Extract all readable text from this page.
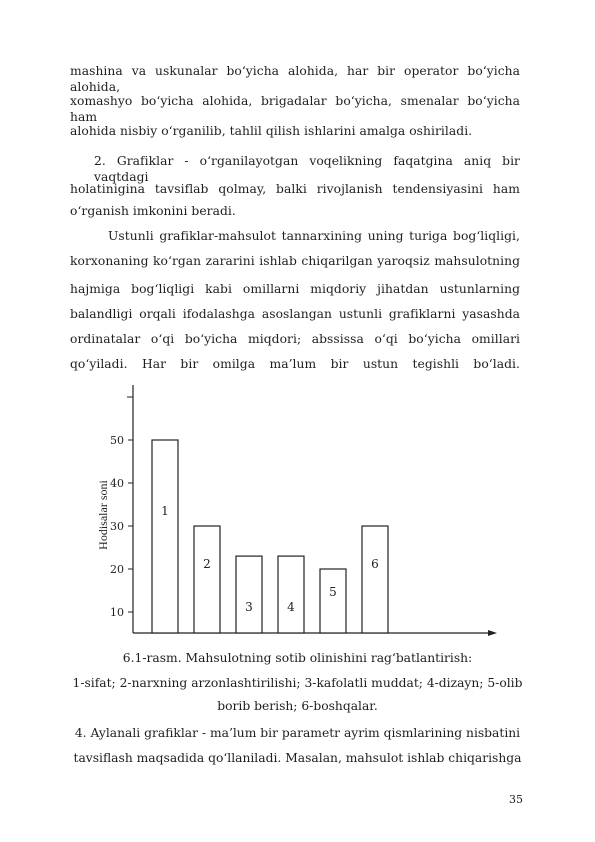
mashina va uskunalar bo‘yicha alohida, har bir operator bo‘yicha alohida,
xomashyo bo‘yicha alohida, brigadalar bo‘yicha, smenalar bo‘yicha ham
alohida nisbiy o‘rganilib, tahlil qilish ishlarini amalga oshiriladi.
2. Grafiklar - o‘rganilayotgan voqelikning faqatgina aniq bir vaqtdagi
holatinigina tavsiflab qolmay, balki rivojlanish tendensiyasini ham
o‘rganish imkonini beradi.
Ustunli grafiklar-mahsulot tannarxining uning turiga bog‘liqligi,
korxonaning ko‘rgan zararini ishlab chiqarilgan yaroqsiz mahsulotning
hajmiga bog‘liqligi kabi omillarni miqdoriy jihatdan ustunlarning
balandligi orqali ifodalashga asoslangan ustunli grafiklarni yasashda
ordinatalar o‘qi bo‘yicha miqdori; abssissa o‘qi bo‘yicha omillari
qo‘yiladi. Har bir omilga ma’lum bir ustun tegishli bo‘ladi.
10
20
30
40
50
Hodisalar soni	1
2
3	4
5
6
6.1-rasm. Mahsulotning sotib olinishini rag‘batlantirish:
1-sifat; 2-narxning arzonlashtirilishi; 3-kafolatli muddat; 4-dizayn; 5-olib
borib berish; 6-boshqalar.
4. Aylanali grafiklar - ma’lum bir parametr ayrim qismlarining nisbatini
tavsiflash maqsadida qo‘llaniladi. Masalan, mahsulot ishlab chiqarishga
35
